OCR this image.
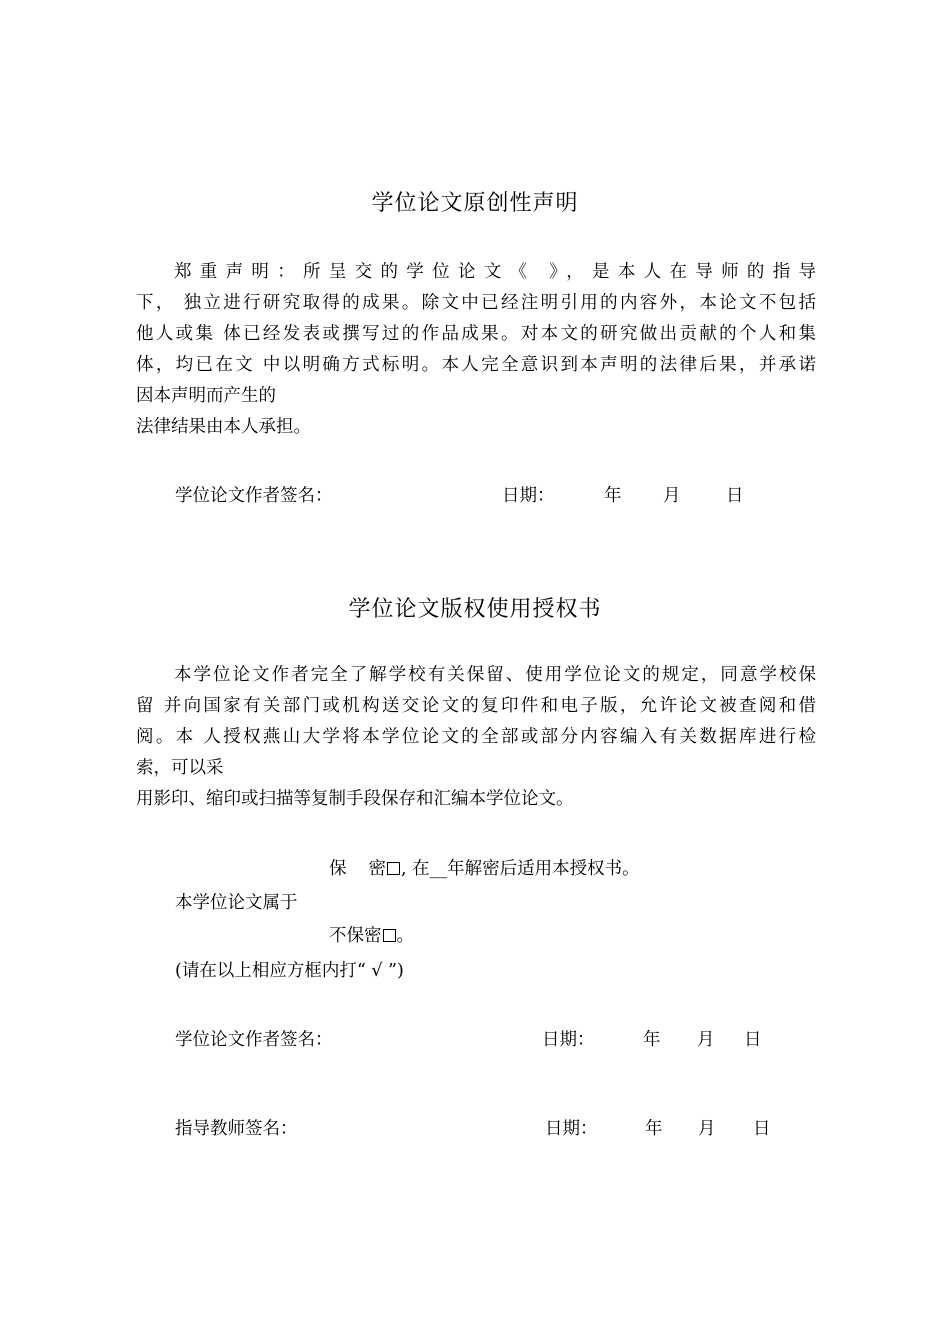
学位论文原创性声明
郑重声明：所呈交的学位论文《 》，是本人在导师的指导
下， 独立进行研究取得的成果。除文中已经注明引用的内容外，本论文不包括
他人或集 体已经发表或撰写过的作品成果。对本文的研究做出贡献的个人和集
体，均已在文 中以明确方式标明。本人完全意识到本声明的法律后果，并承诺
因本声明而产生的
法律结果由本人承担。
学位论文作者签名：	日期：	年 月	日
学位论文版权使用授权书
本学位论文作者完全了解学校有关保留、使用学位论文的规定，同意学校保
留 并向国家有关部门或机构送交论文的复印件和电子版，允许论文被查阅和借
阅。本 人授权燕山大学将本学位论文的全部或部分内容编入有关数据库进行检
索，可以采
用影印、缩印或扫描等复制手段保存和汇编本学位论文。
保 密 , 在__年解密后适用本授权书。
本学位论文属于
不保密 。
(请在以上相应方框内打“ √ ”)
学位论文作者签名：	日期：	年 月 日
指导教师签名：	日期：	年 月 日
